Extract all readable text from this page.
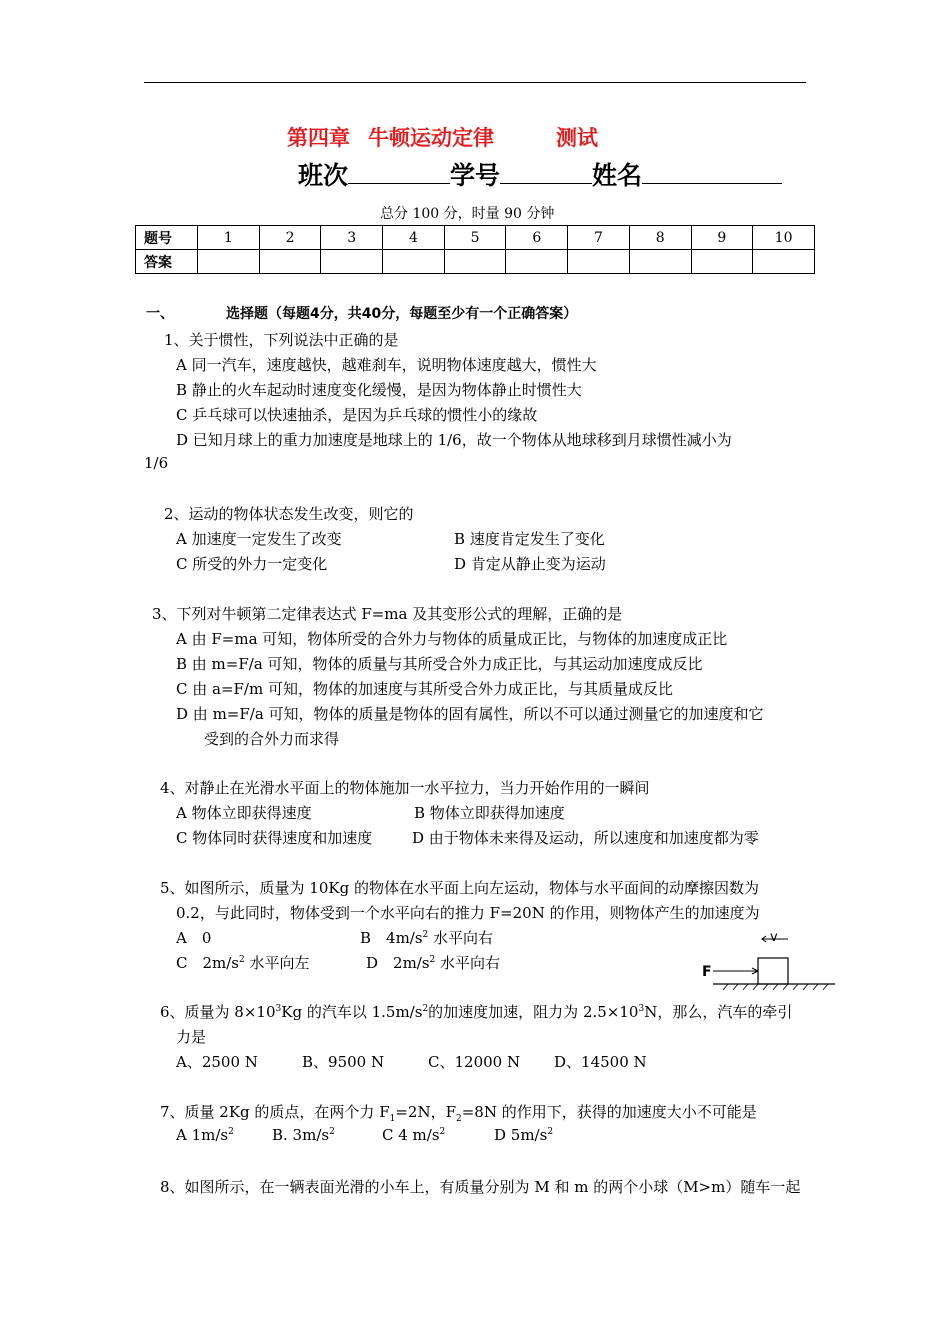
第四章 牛顿运动定律	测试
班次	学号	姓名
总分 100 分，时量 90 分钟
题号	1	2	3	4	5	6	7	8	9	10
答案										
一、	选择题（每题4分，共40分，每题至少有一个正确答案）
1、关于惯性，下列说法中正确的是
A 同一汽车，速度越快，越难刹车，说明物体速度越大，惯性大
B 静止的火车起动时速度变化缓慢，是因为物体静止时惯性大
C 乒乓球可以快速抽杀，是因为乒乓球的惯性小的缘故
D 已知月球上的重力加速度是地球上的 1/6，故一个物体从地球移到月球惯性减小为
1/6
2、运动的物体状态发生改变，则它的
A 加速度一定发生了改变	B 速度肯定发生了变化
C 所受的外力一定变化	D 肯定从静止变为运动
3、下列对牛顿第二定律表达式 F=ma 及其变形公式的理解，正确的是
A 由 F=ma 可知，物体所受的合外力与物体的质量成正比，与物体的加速度成正比
B 由 m=F/a 可知，物体的质量与其所受合外力成正比，与其运动加速度成反比
C 由 a=F/m 可知，物体的加速度与其所受合外力成正比，与其质量成反比
D 由 m=F/a 可知，物体的质量是物体的固有属性，所以不可以通过测量它的加速度和它
受到的合外力而求得
4、对静止在光滑水平面上的物体施加一水平拉力，当力开始作用的一瞬间
A 物体立即获得速度	B 物体立即获得加速度
C 物体同时获得速度和加速度	D 由于物体未来得及运动，所以速度和加速度都为零
5、如图所示，质量为 10Kg 的物体在水平面上向左运动，物体与水平面间的动摩擦因数为
0.2，与此同时，物体受到一个水平向右的推力 F=20N 的作用，则物体产生的加速度为
A　0	B　$4m/s^2$ 水平向右
C　$2m/s^2$ 水平向左	D　$2m/s^2$ 水平向右
v
F
6、质量为 $8\times 10^3Kg$ 的汽车以 $1.5m/s^2$的加速度加速，阻力为 $2.5\times 10^3N$，那么，汽车的牵引
力是
A、2500 N	B、9500 N	C、12000 N D、14500 N
7、质量 2Kg 的质点，在两个力 $F_1=2N$，$F_2=8N$ 的作用下，获得的加速度大小不可能是
A $1m/s^2$	B. $3m/s^2$	C 4 $m/s^2$	D $5m/s^2$
8、如图所示，在一辆表面光滑的小车上，有质量分别为 M 和 m 的两个小球（M>m）随车一起
